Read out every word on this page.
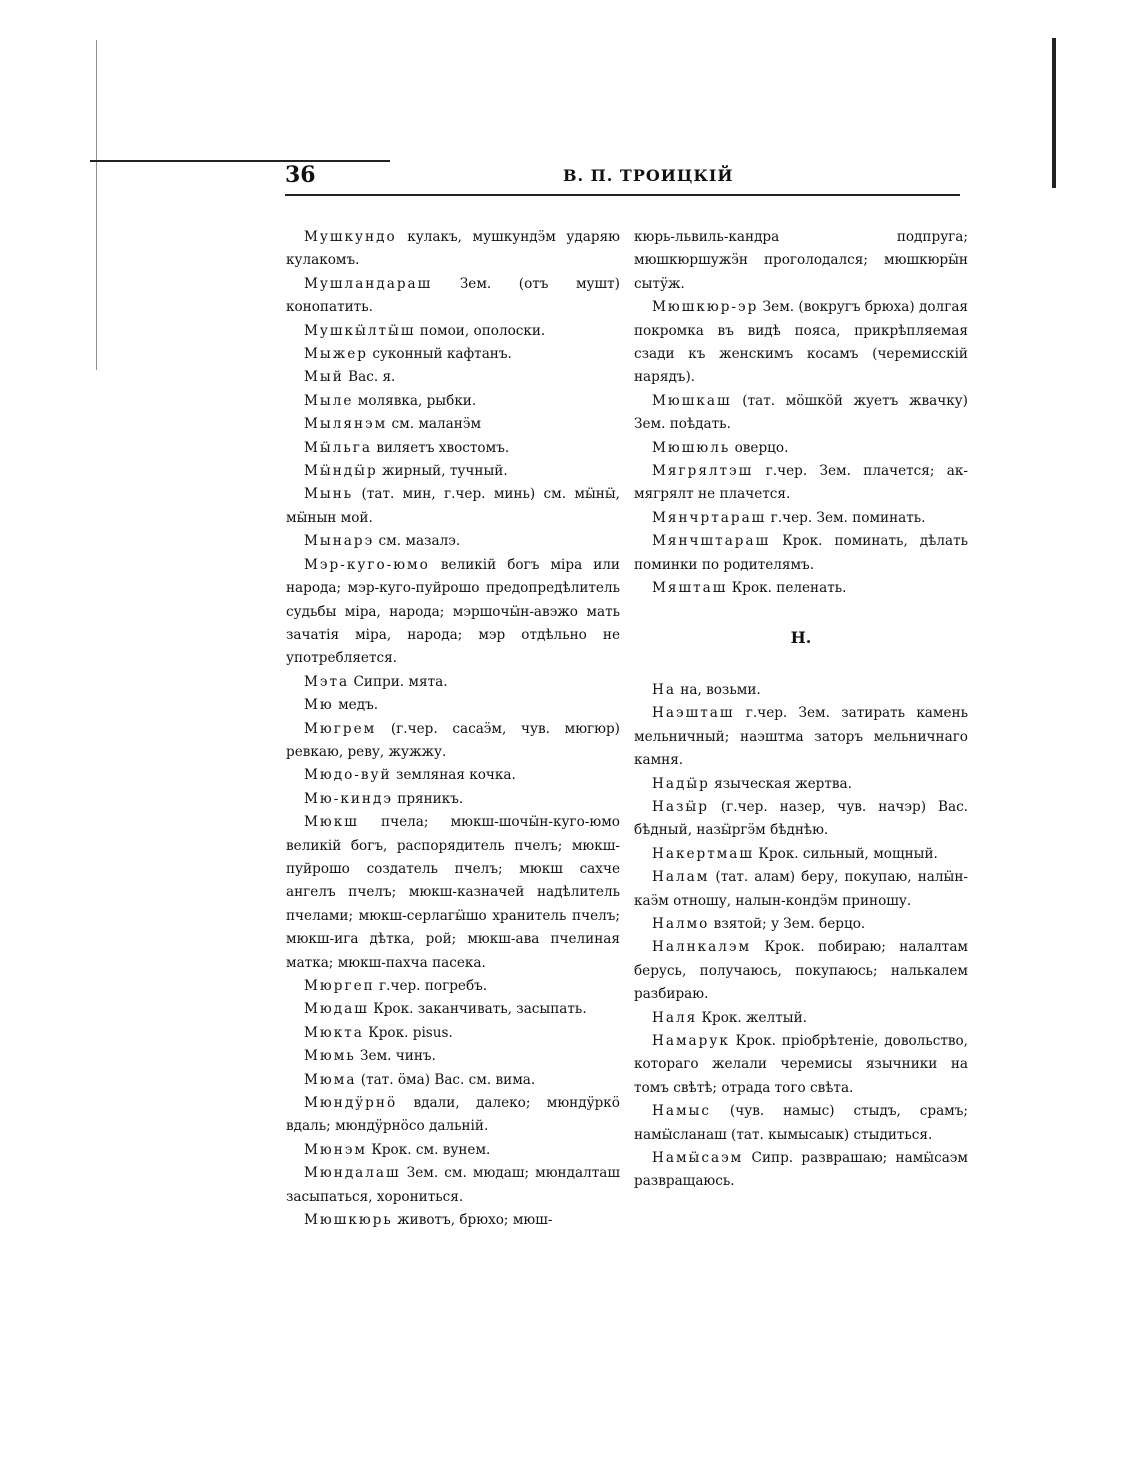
36	В. П. ТРОИЦКІЙ

Мушкундо кулакъ, мушкундӭм ударяю кулакомъ.

Мушландараш Зем. (отъ мушт) конопатить.

Мушкӹлтӹш помои, ополоски.

Мыжер суконный кафтанъ.

Мый Вас. я.

Мыле молявка, рыбки.

Мылянэм см. маланӭм

Мӹльга виляетъ хвостомъ.

Мӹндӹр жирный, тучный.

Мынь (тат. мин, г.чер. минь) см. мӹнӹ, мӹнын мой.

Мынарэ см. мазалэ.

Мэр-куго-юмо великій богъ міра или народа; мэр-куго-пуйрошо предопредѣлитель судьбы міра, народа; мэршочӹн-авэжо мать зачатія міра, народа; мэр отдѣльно не употребляется.

Мэта Сипри. мята.

Мю медъ.

Мюгрем (г.чер. сасаӭм, чув. мюгюр) ревкаю, реву, жужжу.

Мюдо-вуй земляная кочка.

Мю-киндэ пряникъ.

Мюкш пчела; мюкш-шочӹн-куго-юмо великій богъ, распорядитель пчелъ; мюкш-пуйрошо создатель пчелъ; мюкш сахче ангелъ пчелъ; мюкш-казначей надѣлитель пчелами; мюкш-серлагӹшо хранитель пчелъ; мюкш-ига дѣтка, рой; мюкш-ава пчелиная матка; мюкш-пахча пасека.

Мюргеп г.чер. погребъ.

Мюдаш Крок. заканчивать, засыпать.

Мюкта Крок. pisus.

Мюмь Зем. чинъ.

Мюма (тат. ӧма) Вас. см. вима.

Мюндӱрнӧ вдали, далеко; мюндӱркӧ вдаль; мюндӱрнӧсо дальній.

Мюнэм Крок. см. вунем.

Мюндалаш Зем. см. мюдаш; мюндалташ засыпаться, хорониться.

Мюшкюрь животъ, брюхо; мюш-

кюрь-львиль-кандра подпруга; мюшкюршужӭн проголодался; мюшкюрӹн сытӱж.

Мюшкюр-эр Зем. (вокругъ брюха) долгая покромка въ видѣ пояса, прикрѣпляемая сзади къ женскимъ косамъ (черемисскій нарядъ).

Мюшкаш (тат. мӧшкӧй жуетъ жвачку) Зем. поѣдать.

Мюшюль оверцо.

Мягрялтэш г.чер. Зем. плачется; ак-мягрялт не плачется.

Мянчртараш г.чер. Зем. поминать.

Мянчштараш Крок. поминать, дѣлать поминки по родителямъ.

Мяшташ Крок. пеленать.

Н.

На на, возьми.

Наэшташ г.чер. Зем. затирать камень мельничный; наэштма заторъ мельничнаго камня.

Надӹр языческая жертва.

Назӹр (г.чер. назер, чув. начэр) Вас. бѣдный, назӹргӭм бѣднѣю.

Накертмаш Крок. сильный, мощный.

Налам (тат. алам) беру, покупаю, налӹн-каӭм отношу, налын-кондӭм приношу.

Налмо взятой; у Зем. берцо.

Налнкалэм Крок. побираю; налалтам берусь, получаюсь, покупаюсь; налькалем разбираю.

Наля Крок. желтый.

Намарук Крок. пріобрѣтеніе, довольство, котораго желали черемисы язычники на томъ свѣтѣ; отрада того свѣта.

Намыс (чув. намыс) стыдъ, срамъ; намӹсланаш (тат. кымысаык) стыдиться.

Намӹсаэм Сипр. разврашаю; намӹсаэм развращаюсь.
